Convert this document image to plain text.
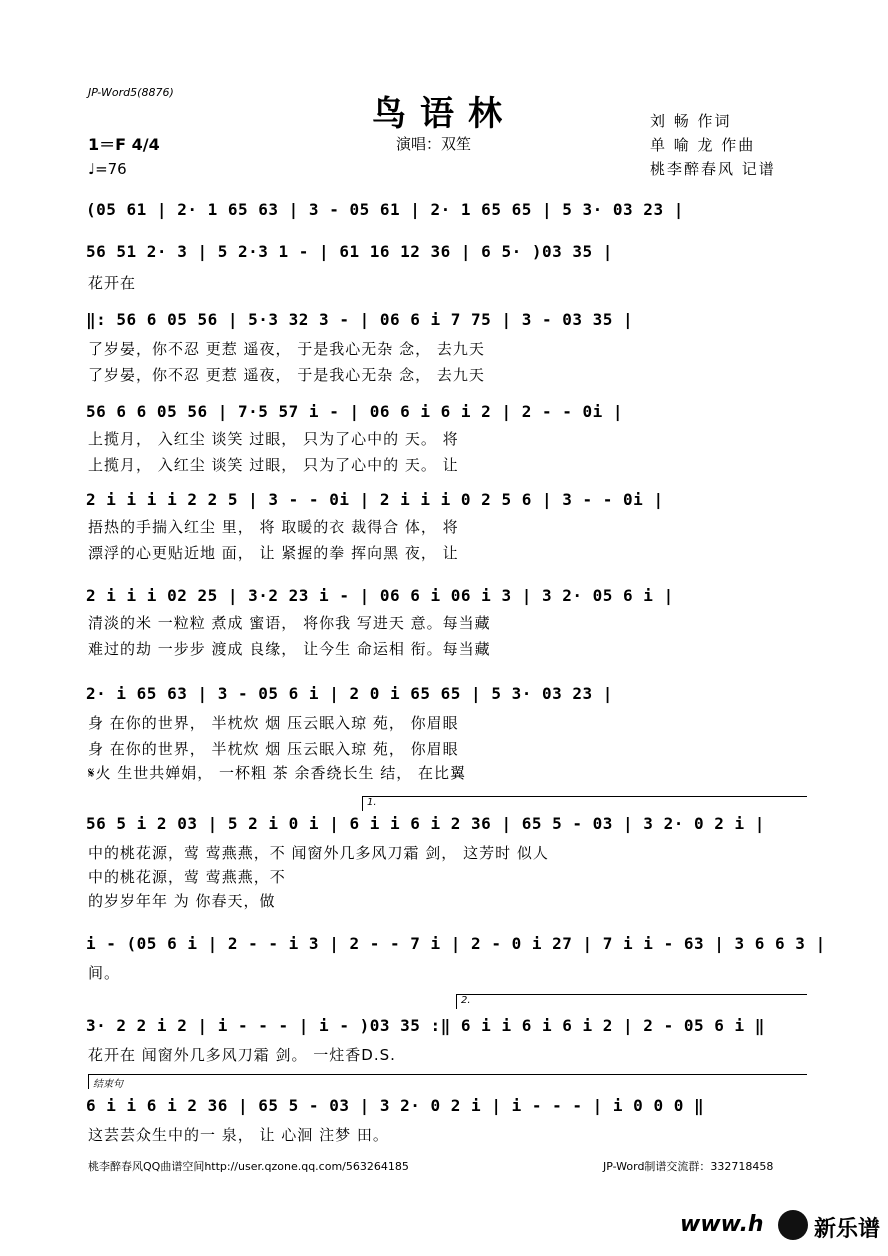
JP-Word5(8876)
鸟语林
演唱：双笙
1＝F 4/4
♩=76
刘 畅 作词
单 喻 龙 作曲
桃李醉春风 记谱
(05 61 | 2· 1 65 63 | 3 - 05 61 | 2· 1 65 65 | 5 3· 03 23 |
56 51 2· 3 | 5 2·3 1 - | 61 16 12 36 | 6 5· )03 35 |
花开在
‖: 56 6 05 56 | 5·3 32 3 - | 06 6 i 7 75 | 3 - 03 35 |
了岁晏，你不忍 更惹 遥夜， 于是我心无杂 念， 去九天
了岁晏，你不忍 更惹 遥夜， 于是我心无杂 念， 去九天
56 6 6 05 56 | 7·5 57 i - | 06 6 i 6 i 2 | 2 - - 0i |
上揽月， 入红尘 谈笑 过眼， 只为了心中的 天。 将
上揽月， 入红尘 谈笑 过眼， 只为了心中的 天。 让
2 i i i i 2 2 5 | 3 - - 0i | 2 i i i 0 2 5 6 | 3 - - 0i |
捂热的手揣入红尘 里， 将 取暖的衣 裁得合 体， 将
漂浮的心更贴近地 面， 让 紧握的拳 挥向黑 夜， 让
2 i i i 02 25 | 3·2 23 i - | 06 6 i 06 i 3 | 3 2· 05 6 i |
清淡的米 一粒粒 煮成 蜜语， 将你我 写进天 意。每当藏
难过的劫 一步步 渡成 良缘， 让今生 命运相 衔。每当藏
2· i 65 63 | 3 - 05 6 i | 2 0 i 65 65 | 5 3· 03 23 |
身 在你的世界， 半枕炊 烟 压云眠入琼 苑， 你眉眼
身 在你的世界， 半枕炊 烟 压云眠入琼 苑， 你眉眼
𝄋火 生世共婵娟， 一杯粗 茶 余香绕长生 结， 在比翼
1.
56 5 i 2 03 | 5 2 i 0 i | 6 i i 6 i 2 36 | 65 5 - 03 | 3 2· 0 2 i |
中的桃花源，莺 莺燕燕，不 闻窗外几多风刀霜 剑， 这芳时 似人
中的桃花源，莺 莺燕燕，不
的岁岁年年 为 你春天，做
i - (05 6 i | 2 - - i 3 | 2 - - 7 i | 2 - 0 i 27 | 7 i i - 63 | 3 6 6 3 |
间。
2.
3· 2 2 i 2 | i - - - | i - )03 35 :‖ 6 i i 6 i 6 i 2 | 2 - 05 6 i ‖
花开在 闻窗外几多风刀霜 剑。 一炷香D.S.
结束句
6 i i 6 i 2 36 | 65 5 - 03 | 3 2· 0 2 i | i - - - | i 0 0 0 ‖
这芸芸众生中的一 泉， 让 心洄 注梦 田。
桃李醉春风QQ曲谱空间http://user.qzone.qq.com/563264185	JP-Word制谱交流群：332718458
www.h 新乐谱
